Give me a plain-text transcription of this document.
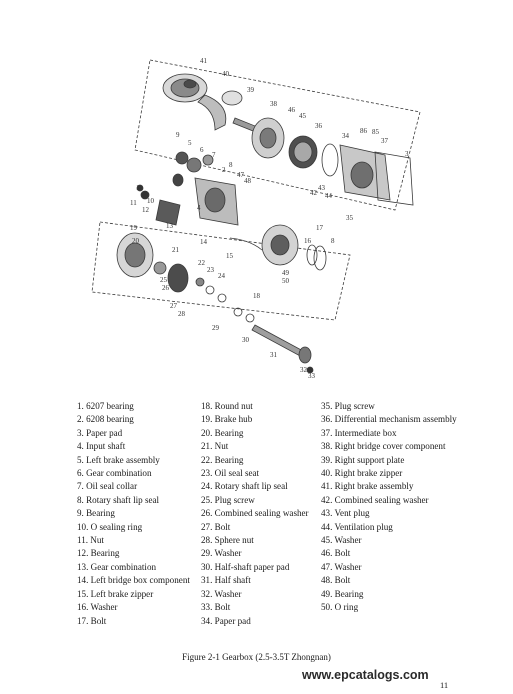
41
40
39
38
46
45
36
34
86 85
37
3
9
5
6
7
8
2
47
48
1
10
11
12
13
4
14
43
44
42
35
19
20
21
22
23
24
15
17
16	8
18
25
26
27
28
29
30
31
32
33
50
49
1. 6207 bearing
2. 6208 bearing
3. Paper pad
4. Input shaft
5. Left brake assembly
6. Gear combination
7. Oil seal collar
8. Rotary shaft lip seal
9. Bearing
10. O sealing ring
11. Nut
12. Bearing
13. Gear combination
14. Left bridge box component
15. Left brake zipper
16. Washer
17. Bolt
18. Round nut
19. Brake hub
20. Bearing
21. Nut
22. Bearing
23. Oil seal seat
24. Rotary shaft lip seal
25. Plug screw
26. Combined sealing washer
27. Bolt
28. Sphere nut
29. Washer
30. Half-shaft paper pad
31. Half shaft
32. Washer
33. Bolt
34. Paper pad
35. Plug screw
36. Differential mechanism assembly
37. Intermediate box
38. Right bridge cover component
39. Right support plate
40. Right brake zipper
41. Right brake assembly
42. Combined sealing washer
43. Vent plug
44. Ventilation plug
45. Washer
46. Bolt
47. Washer
48. Bolt
49. Bearing
50. O ring
Figure 2-1 Gearbox (2.5-3.5T Zhongnan)
www.epcatalogs.com
11
